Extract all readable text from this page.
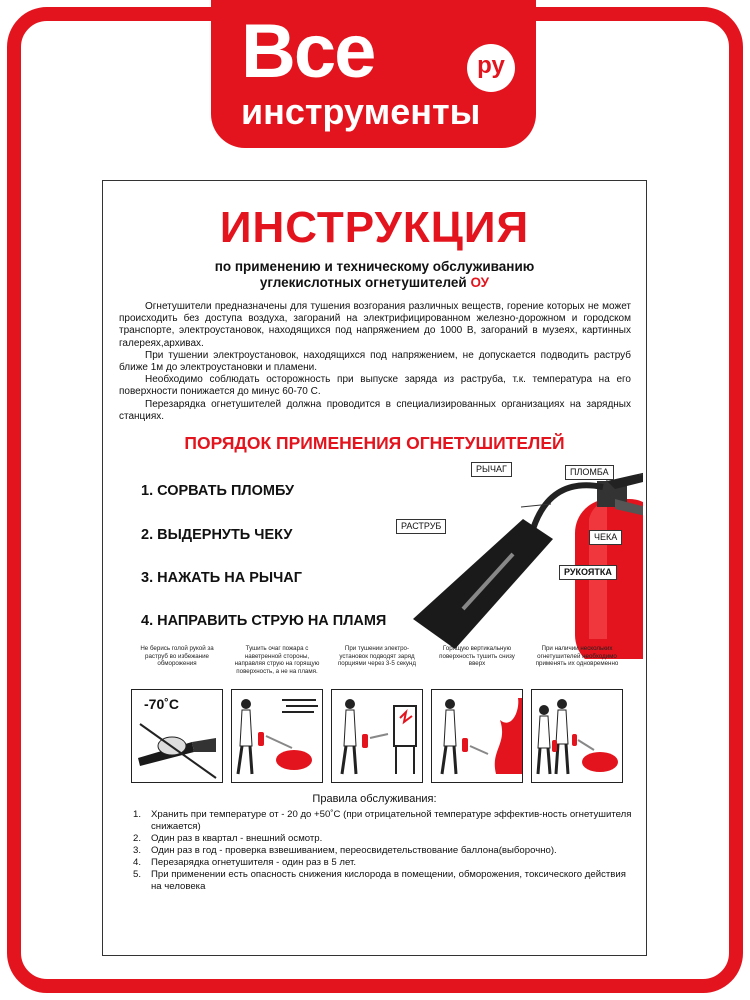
Все	ру
инструменты
ИНСТРУКЦИЯ
по применению и техническому обслуживанию
углекислотных огнетушителей ОУ

Огнетушители предназначены для тушения возгорания различных веществ, горение которых не может происходить без доступа воздуха, загораний на электрифицированном железно-дорожном и городском транспорте, электроустановок, находящихся под напряжением до 1000 В, загораний в музеях, картинных галереях,архивах.

При тушении электроустановок, находящихся под напряжением, не допускается подводить раструб ближе 1м до электроустановки и пламени.

Необходимо соблюдать осторожность при выпуске заряда из раструба, т.к. температура на его поверхности понижается до минус 60-70 С.

Перезарядка огнетушителей должна проводится в специализированных организациях на зарядных станциях.

ПОРЯДОК ПРИМЕНЕНИЯ ОГНЕТУШИТЕЛЕЙ
1. СОРВАТЬ ПЛОМБУ
2. ВЫДЕРНУТЬ ЧЕКУ
3. НАЖАТЬ НА РЫЧАГ
4. НАПРАВИТЬ СТРУЮ НА ПЛАМЯ
РЫЧАГ	ПЛОМБА
РАСТРУБ
ЧЕКА
РУКОЯТКА
Не берись голой рукой за раструб во избежание обморожения
Тушить очаг пожара с наветренной стороны, направляя струю на горящую поверхность, а не на пламя.
При тушении электро-установок подводят заряд порциями через 3-5 секунд
Горящую вертикальную поверхность тушить снизу вверх
При наличии нескольких огнетушителей необходимо применять их одновременно
-70˚С
Правила обслуживания:
1.	Хранить при температуре от - 20 до +50˚С (при отрицательной температуре эффектив-ность огнетушителя снижается)
2.	Один раз в квартал - внешний осмотр.
3.	Один раз в год - проверка взвешиванием, переосвидетельствование баллона(выборочно).
4.	Перезарядка огнетушителя - один раз в 5 лет.
5.	При применении есть опасность снижения кислорода в помещении, обморожения, токсического действия на человека
